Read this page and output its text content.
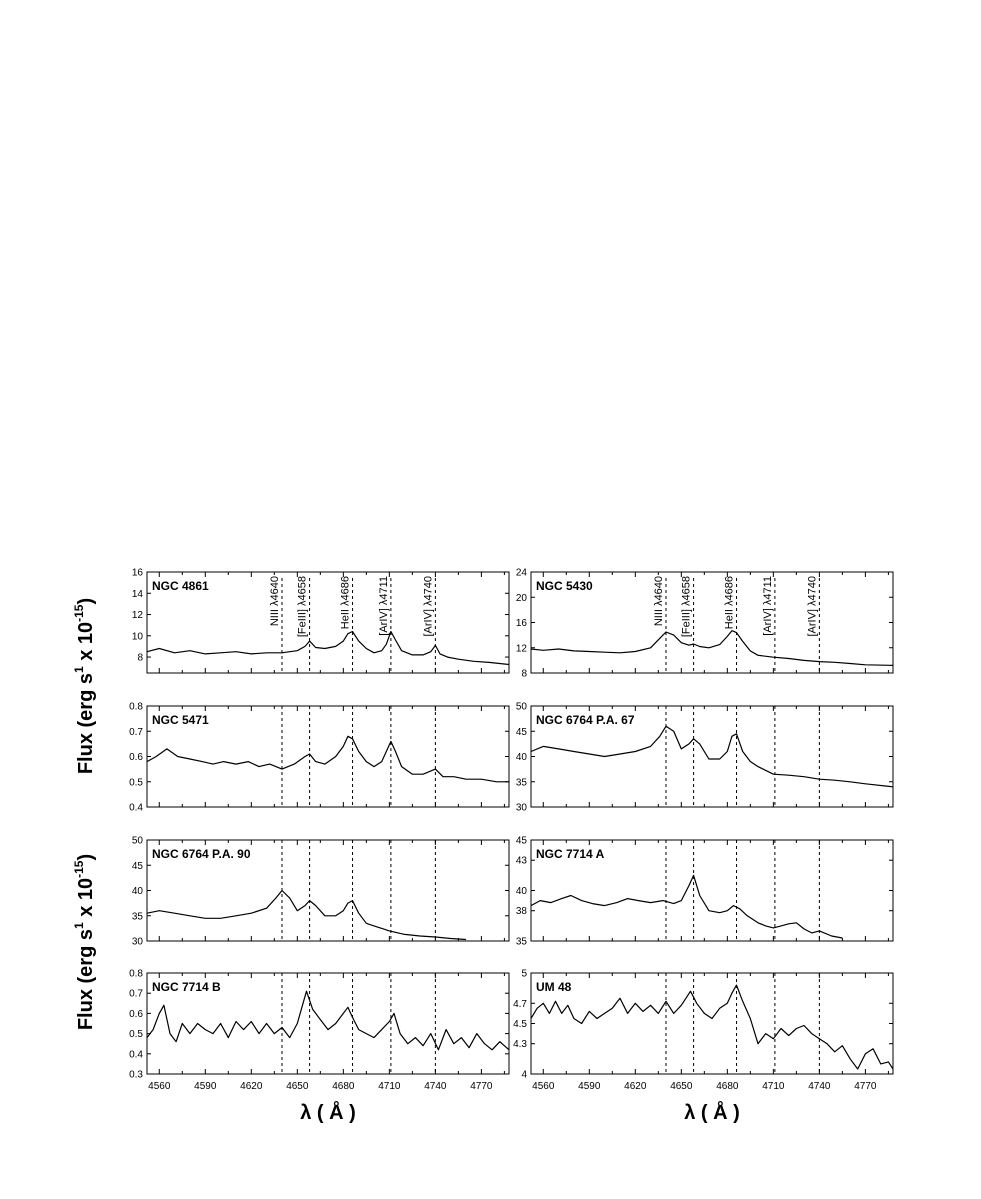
8
10
12
14
16
NGC 4861	NIII λ4640 [FeIII] λ4658	HeII λ4686 [ArIV] λ4711	[ArIV] λ4740
8
12
16
20
24
NGC 5430	NIII λ4640 [FeIII] λ4658	HeII λ4686 [ArIV] λ4711	[ArIV] λ4740
0.4
0.5
0.6
0.7
0.8
NGC 5471
30
35
40
45
50
NGC 6764 P.A. 67
30
35
40
45
50
NGC 6764 P.A. 90
35
38
40
43
45
NGC 7714 A
0.3
0.4
0.5
0.6
0.7
0.8
4560 4590 4620 4650 4680 4710 4740 4770
NGC 7714 B
4
4.3
4.5
4.7
5
4560 4590 4620 4650 4680 4710 4740 4770
UM 48
Flux (erg $s^1$ x $10^{-15}$)
Flux (erg $s^1$ x $10^{-15}$)
λ ( Å )	λ ( Å )
